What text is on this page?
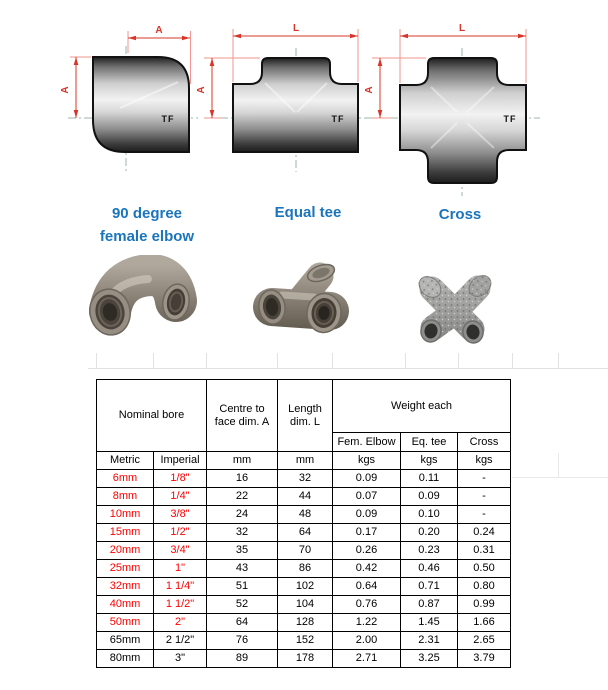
A
A
TF
L
A
TF
L
A
TF
90 degree
female elbow
Equal tee	Cross
Nominal bore		Centre to face dim. A	Length dim. L	Weight each		
				Fem. Elbow	Eq. tee	Cross
Metric	Imperial	mm	mm	kgs	kgs	kgs
6mm	1/8"	16	32	0.09	0.11	-
8mm	1/4"	22	44	0.07	0.09	-
10mm	3/8"	24	48	0.09	0.10	-
15mm	1/2"	32	64	0.17	0.20	0.24
20mm	3/4"	35	70	0.26	0.23	0.31
25mm	1"	43	86	0.42	0.46	0.50
32mm	1 1/4"	51	102	0.64	0.71	0.80
40mm	1 1/2"	52	104	0.76	0.87	0.99
50mm	2"	64	128	1.22	1.45	1.66
65mm	2 1/2"	76	152	2.00	2.31	2.65
80mm	3"	89	178	2.71	3.25	3.79
